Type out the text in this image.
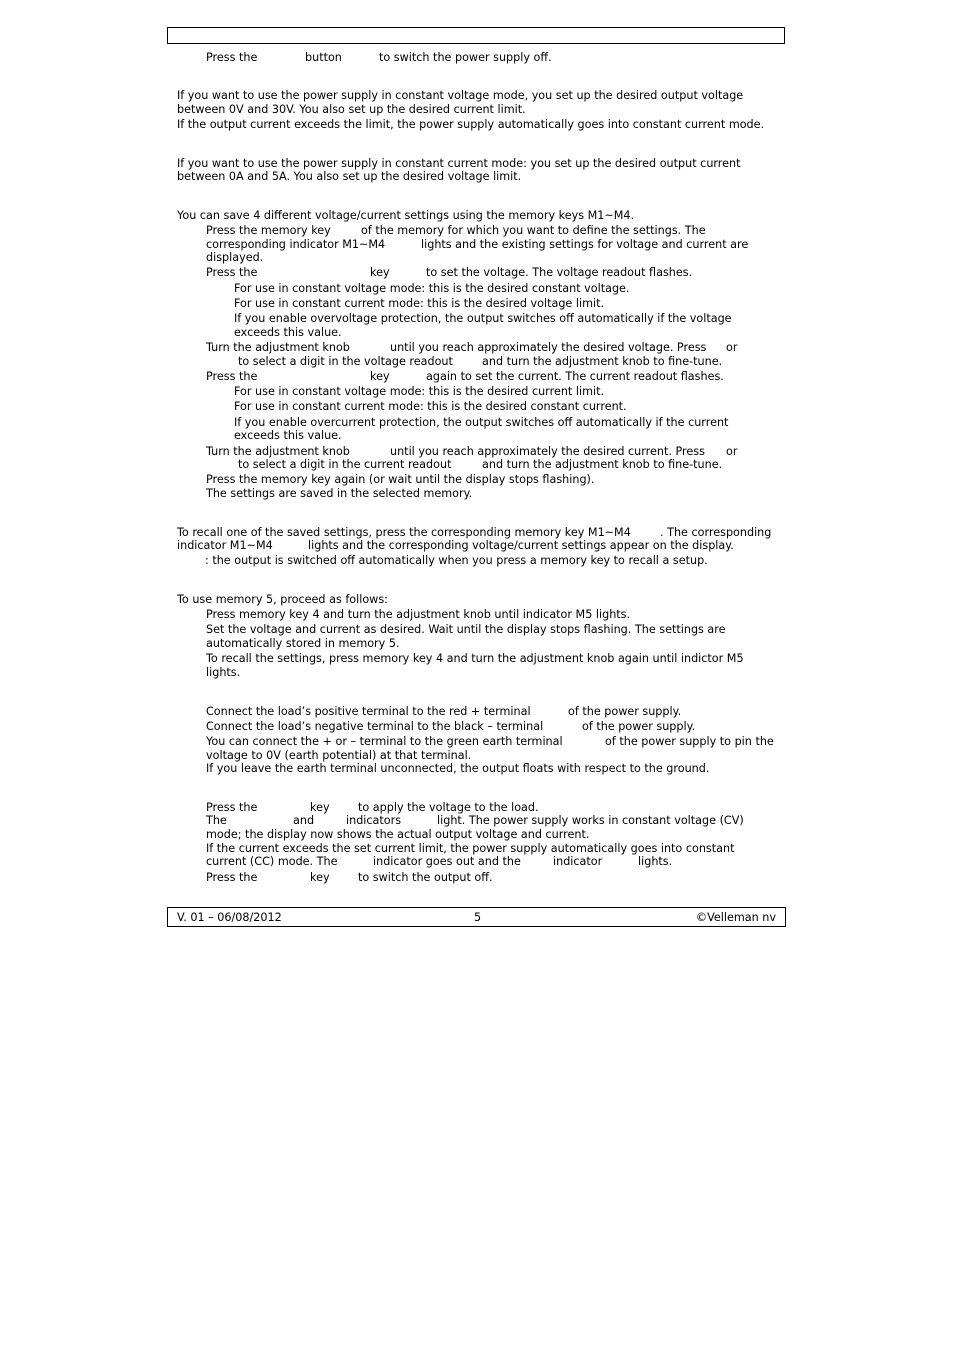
Press the	button	to switch the power supply off.
If you want to use the power supply in constant voltage mode, you set up the desired output voltage
between 0V and 30V. You also set up the desired current limit.
If the output current exceeds the limit, the power supply automatically goes into constant current mode.
If you want to use the power supply in constant current mode: you set up the desired output current
between 0A and 5A. You also set up the desired voltage limit.
You can save 4 different voltage/current settings using the memory keys M1~M4.
Press the memory key	of the memory for which you want to define the settings. The
corresponding indicator M1~M4	lights and the existing settings for voltage and current are
displayed.
Press the	key	to set the voltage. The voltage readout flashes.
For use in constant voltage mode: this is the desired constant voltage.
For use in constant current mode: this is the desired voltage limit.
If you enable overvoltage protection, the output switches off automatically if the voltage
exceeds this value.
Turn the adjustment knob	until you reach approximately the desired voltage. Press or
to select a digit in the voltage readout	and turn the adjustment knob to fine-tune.
Press the	key	again to set the current. The current readout flashes.
For use in constant voltage mode: this is the desired current limit.
For use in constant current mode: this is the desired constant current.
If you enable overcurrent protection, the output switches off automatically if the current
exceeds this value.
Turn the adjustment knob	until you reach approximately the desired current. Press or
to select a digit in the current readout	and turn the adjustment knob to fine-tune.
Press the memory key again (or wait until the display stops flashing).
The settings are saved in the selected memory.
To recall one of the saved settings, press the corresponding memory key M1~M4	. The corresponding
indicator M1~M4	lights and the corresponding voltage/current settings appear on the display.
: the output is switched off automatically when you press a memory key to recall a setup.
To use memory 5, proceed as follows:
Press memory key 4 and turn the adjustment knob until indicator M5 lights.
Set the voltage and current as desired. Wait until the display stops flashing. The settings are
automatically stored in memory 5.
To recall the settings, press memory key 4 and turn the adjustment knob again until indictor M5
lights.
Connect the load’s positive terminal to the red + terminal	of the power supply.
Connect the load’s negative terminal to the black – terminal	of the power supply.
You can connect the + or – terminal to the green earth terminal	of the power supply to pin the
voltage to 0V (earth potential) at that terminal.
If you leave the earth terminal unconnected, the output floats with respect to the ground.
Press the	key	to apply the voltage to the load.
The	and	indicators	light. The power supply works in constant voltage (CV)
mode; the display now shows the actual output voltage and current.
If the current exceeds the set current limit, the power supply automatically goes into constant
current (CC) mode. The	indicator goes out and the	indicator	lights.
Press the	key	to switch the output off.
V. 01 – 06/08/2012	5	©Velleman nv
